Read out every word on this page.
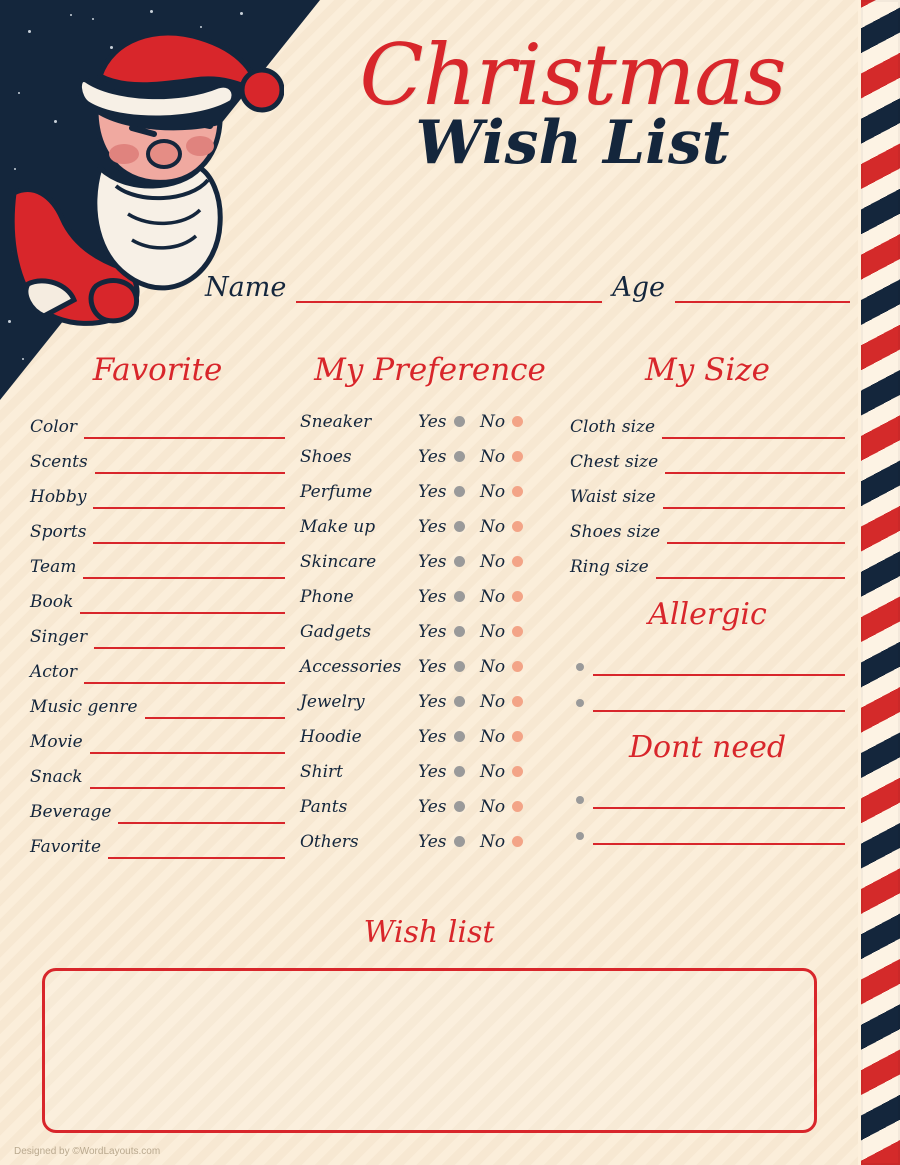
Christmas
Wish List
Name	Age
Favorite
Color
Scents
Hobby
Sports
Team
Book
Singer
Actor
Music genre
Movie
Snack
Beverage
Favorite
My Preference
Sneaker	Yes No
Shoes	Yes No
Perfume	Yes No
Make up	Yes No
Skincare	Yes No
Phone	Yes No
Gadgets	Yes No
Accessories Yes No
Jewelry	Yes No
Hoodie	Yes No
Shirt	Yes No
Pants	Yes No
Others	Yes No
My Size
Cloth size
Chest size
Waist size
Shoes size
Ring size
Allergic
Dont need
Wish list
Designed by ©WordLayouts.com
